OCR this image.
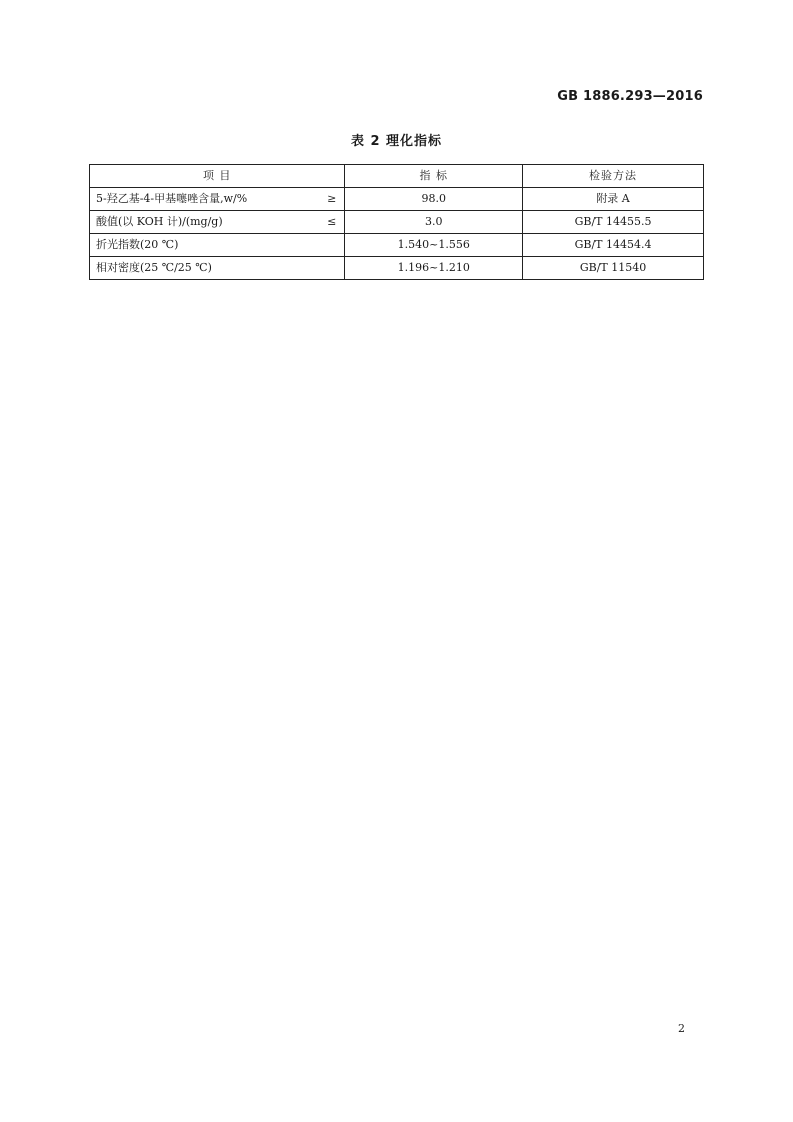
GB 1886.293—2016
表 2 理化指标
项 目	指 标	检验方法

5-羟乙基-4-甲基噻唑含量,w/% ≥	98.0	附录 A

酸值(以 KOH 计)/(mg/g) ≤	3.0	GB/T 14455.5

折光指数(20 ℃)	1.540~1.556	GB/T 14454.4

相对密度(25 ℃/25 ℃)	1.196~1.210	GB/T 11540
2
